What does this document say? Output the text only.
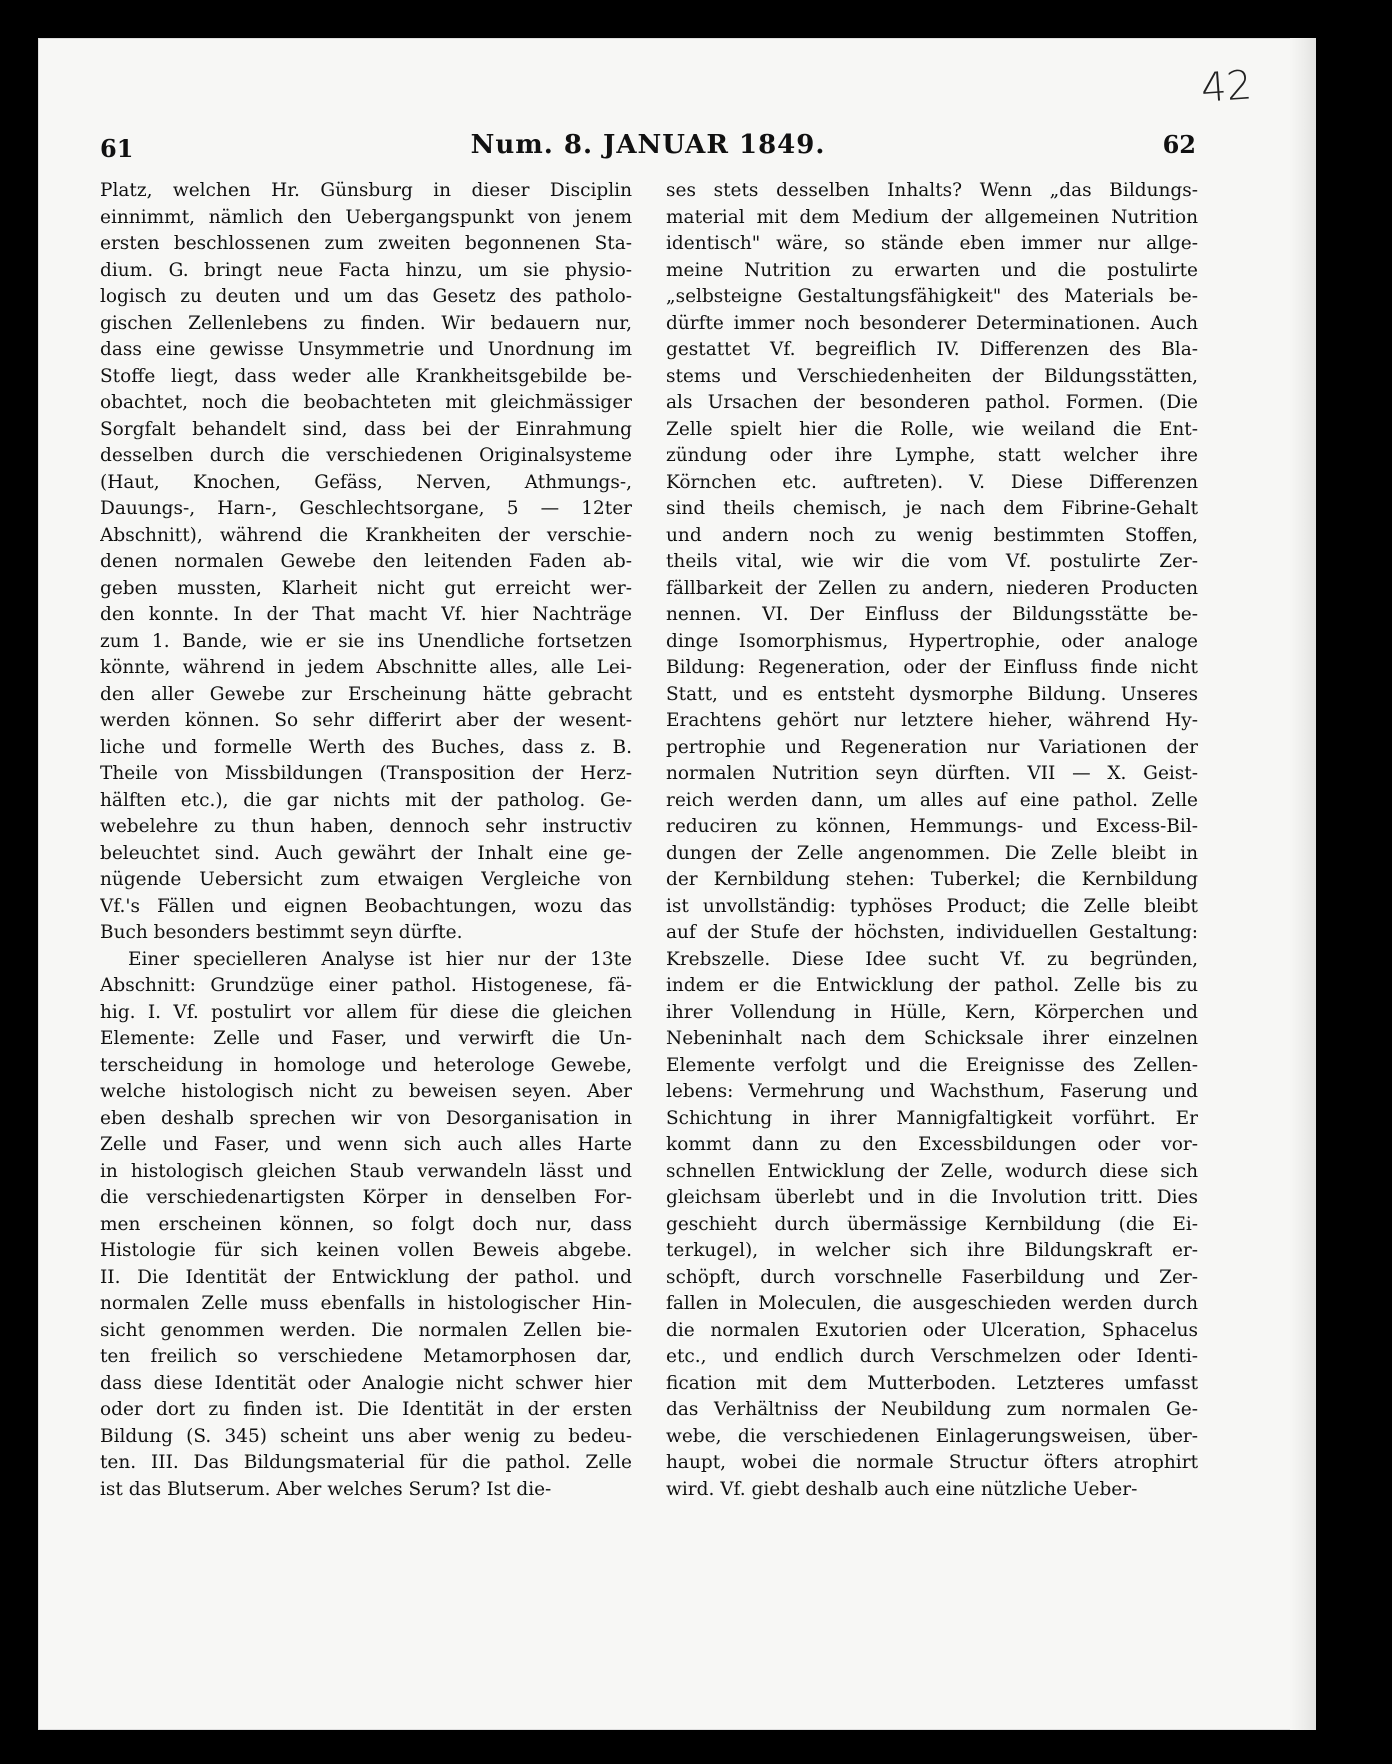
42
61	Num. 8. JANUAR 1849.	62
Platz, welchen Hr. Günsburg in dieser Disciplin
einnimmt, nämlich den Uebergangspunkt von jenem
ersten beschlossenen zum zweiten begonnenen Sta-
dium. G. bringt neue Facta hinzu, um sie physio-
logisch zu deuten und um das Gesetz des patholo-
gischen Zellenlebens zu finden. Wir bedauern nur,
dass eine gewisse Unsymmetrie und Unordnung im
Stoffe liegt, dass weder alle Krankheitsgebilde be-
obachtet, noch die beobachteten mit gleichmässiger
Sorgfalt behandelt sind, dass bei der Einrahmung
desselben durch die verschiedenen Originalsysteme
(Haut, Knochen, Gefäss, Nerven, Athmungs-,
Dauungs-, Harn-, Geschlechtsorgane, 5 — 12ter
Abschnitt), während die Krankheiten der verschie-
denen normalen Gewebe den leitenden Faden ab-
geben mussten, Klarheit nicht gut erreicht wer-
den konnte. In der That macht Vf. hier Nachträge
zum 1. Bande, wie er sie ins Unendliche fortsetzen
könnte, während in jedem Abschnitte alles, alle Lei-
den aller Gewebe zur Erscheinung hätte gebracht
werden können. So sehr differirt aber der wesent-
liche und formelle Werth des Buches, dass z. B.
Theile von Missbildungen (Transposition der Herz-
hälften etc.), die gar nichts mit der patholog. Ge-
webelehre zu thun haben, dennoch sehr instructiv
beleuchtet sind. Auch gewährt der Inhalt eine ge-
nügende Uebersicht zum etwaigen Vergleiche von
Vf.'s Fällen und eignen Beobachtungen, wozu das
Buch besonders bestimmt seyn dürfte.
Einer specielleren Analyse ist hier nur der 13te
Abschnitt: Grundzüge einer pathol. Histogenese, fä-
hig. I. Vf. postulirt vor allem für diese die gleichen
Elemente: Zelle und Faser, und verwirft die Un-
terscheidung in homologe und heterologe Gewebe,
welche histologisch nicht zu beweisen seyen. Aber
eben deshalb sprechen wir von Desorganisation in
Zelle und Faser, und wenn sich auch alles Harte
in histologisch gleichen Staub verwandeln lässt und
die verschiedenartigsten Körper in denselben For-
men erscheinen können, so folgt doch nur, dass
Histologie für sich keinen vollen Beweis abgebe.
II. Die Identität der Entwicklung der pathol. und
normalen Zelle muss ebenfalls in histologischer Hin-
sicht genommen werden. Die normalen Zellen bie-
ten freilich so verschiedene Metamorphosen dar,
dass diese Identität oder Analogie nicht schwer hier
oder dort zu finden ist. Die Identität in der ersten
Bildung (S. 345) scheint uns aber wenig zu bedeu-
ten. III. Das Bildungsmaterial für die pathol. Zelle
ist das Blutserum. Aber welches Serum? Ist die-
ses stets desselben Inhalts? Wenn „das Bildungs-
material mit dem Medium der allgemeinen Nutrition
identisch" wäre, so stände eben immer nur allge-
meine Nutrition zu erwarten und die postulirte
„selbsteigne Gestaltungsfähigkeit" des Materials be-
dürfte immer noch besonderer Determinationen. Auch
gestattet Vf. begreiflich IV. Differenzen des Bla-
stems und Verschiedenheiten der Bildungsstätten,
als Ursachen der besonderen pathol. Formen. (Die
Zelle spielt hier die Rolle, wie weiland die Ent-
zündung oder ihre Lymphe, statt welcher ihre
Körnchen etc. auftreten). V. Diese Differenzen
sind theils chemisch, je nach dem Fibrine-Gehalt
und andern noch zu wenig bestimmten Stoffen,
theils vital, wie wir die vom Vf. postulirte Zer-
fällbarkeit der Zellen zu andern, niederen Producten
nennen. VI. Der Einfluss der Bildungsstätte be-
dinge Isomorphismus, Hypertrophie, oder analoge
Bildung: Regeneration, oder der Einfluss finde nicht
Statt, und es entsteht dysmorphe Bildung. Unseres
Erachtens gehört nur letztere hieher, während Hy-
pertrophie und Regeneration nur Variationen der
normalen Nutrition seyn dürften. VII — X. Geist-
reich werden dann, um alles auf eine pathol. Zelle
reduciren zu können, Hemmungs- und Excess-Bil-
dungen der Zelle angenommen. Die Zelle bleibt in
der Kernbildung stehen: Tuberkel; die Kernbildung
ist unvollständig: typhöses Product; die Zelle bleibt
auf der Stufe der höchsten, individuellen Gestaltung:
Krebszelle. Diese Idee sucht Vf. zu begründen,
indem er die Entwicklung der pathol. Zelle bis zu
ihrer Vollendung in Hülle, Kern, Körperchen und
Nebeninhalt nach dem Schicksale ihrer einzelnen
Elemente verfolgt und die Ereignisse des Zellen-
lebens: Vermehrung und Wachsthum, Faserung und
Schichtung in ihrer Mannigfaltigkeit vorführt. Er
kommt dann zu den Excessbildungen oder vor-
schnellen Entwicklung der Zelle, wodurch diese sich
gleichsam überlebt und in die Involution tritt. Dies
geschieht durch übermässige Kernbildung (die Ei-
terkugel), in welcher sich ihre Bildungskraft er-
schöpft, durch vorschnelle Faserbildung und Zer-
fallen in Moleculen, die ausgeschieden werden durch
die normalen Exutorien oder Ulceration, Sphacelus
etc., und endlich durch Verschmelzen oder Identi-
fication mit dem Mutterboden. Letzteres umfasst
das Verhältniss der Neubildung zum normalen Ge-
webe, die verschiedenen Einlagerungsweisen, über-
haupt, wobei die normale Structur öfters atrophirt
wird. Vf. giebt deshalb auch eine nützliche Ueber-
